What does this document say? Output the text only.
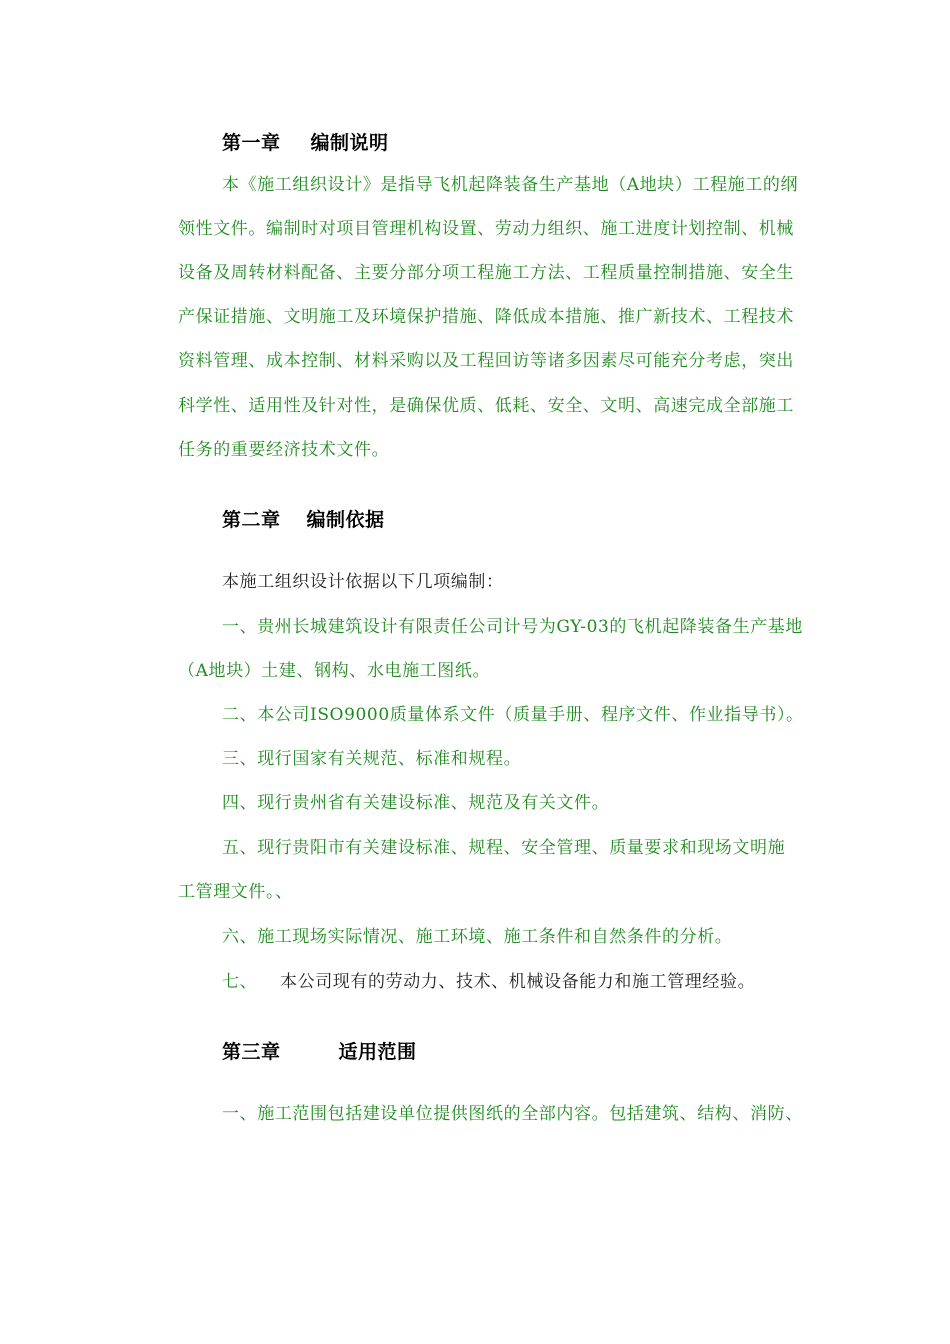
第一章 编制说明
本《施工组织设计》是指导飞机起降装备生产基地（A地块）工程施工的纲
领性文件。编制时对项目管理机构设置、劳动力组织、施工进度计划控制、机械
设备及周转材料配备、主要分部分项工程施工方法、工程质量控制措施、安全生
产保证措施、文明施工及环境保护措施、降低成本措施、推广新技术、工程技术
资料管理、成本控制、材料采购以及工程回访等诸多因素尽可能充分考虑，突出
科学性、适用性及针对性，是确保优质、低耗、安全、文明、高速完成全部施工
任务的重要经济技术文件。
第二章 编制依据
本施工组织设计依据以下几项编制：
一、贵州长城建筑设计有限责任公司计号为GY-03的飞机起降装备生产基地
（A地块）土建、钢构、水电施工图纸。
二、本公司ISO9000质量体系文件（质量手册、程序文件、作业指导书）。
三、现行国家有关规范、标准和规程。
四、现行贵州省有关建设标准、规范及有关文件。
五、现行贵阳市有关建设标准、规程、安全管理、质量要求和现场文明施
工管理文件。、
六、施工现场实际情况、施工环境、施工条件和自然条件的分析。
七、 本公司现有的劳动力、技术、机械设备能力和施工管理经验。
第三章	适用范围
一、施工范围包括建设单位提供图纸的全部内容。包括建筑、结构、消防、
